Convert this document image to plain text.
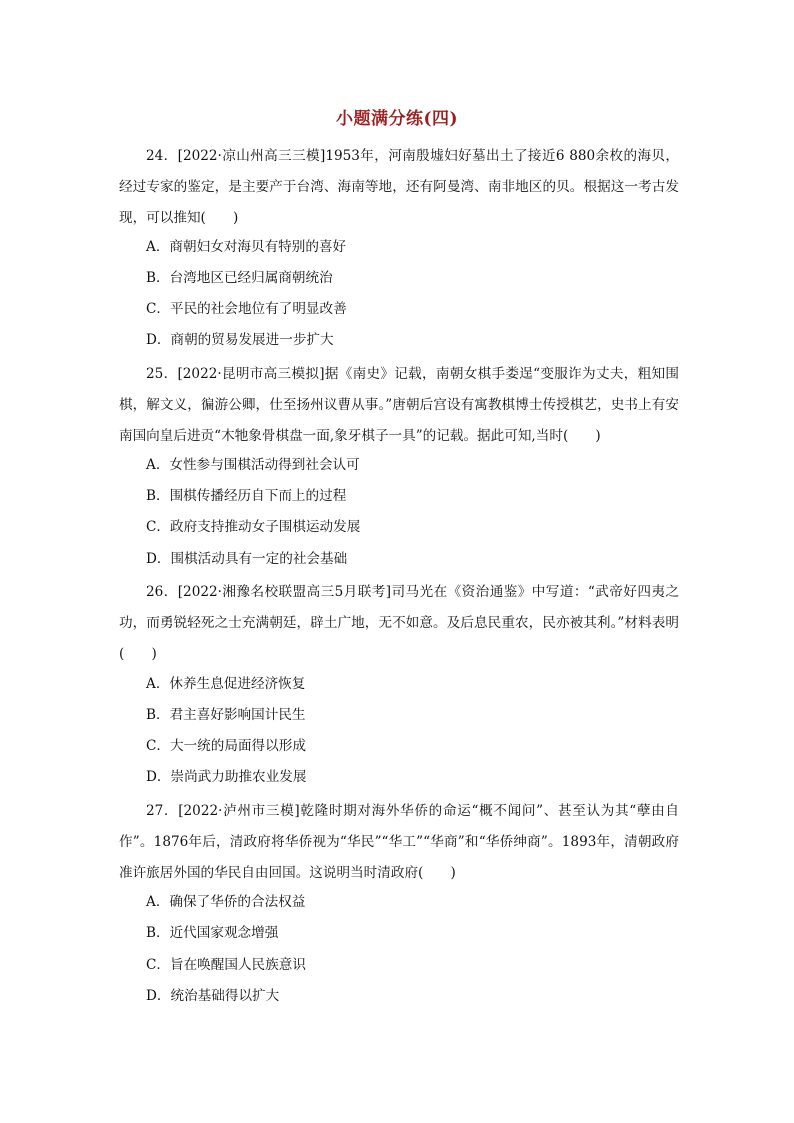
小题满分练(四)
24．[2022·凉山州高三三模]1953年，河南殷墟妇好墓出土了接近6 880余枚的海贝，经过专家的鉴定，是主要产于台湾、海南等地，还有阿曼湾、南非地区的贝。根据这一考古发现，可以推知(　　)
A．商朝妇女对海贝有特别的喜好
B．台湾地区已经归属商朝统治
C．平民的社会地位有了明显改善
D．商朝的贸易发展进一步扩大
25．[2022·昆明市高三模拟]据《南史》记载，南朝女棋手娄逞“变服诈为丈夫，粗知围棋，解文义，徧游公卿，仕至扬州议曹从事。”唐朝后宫设有寓教棋博士传授棋艺，史书上有安南国向皇后进贡“木牠象骨棋盘一面,象牙棋子一具”的记载。据此可知,当时(　　)
A．女性参与围棋活动得到社会认可
B．围棋传播经历自下而上的过程
C．政府支持推动女子围棋运动发展
D．围棋活动具有一定的社会基础
26．[2022·湘豫名校联盟高三5月联考]司马光在《资治通鉴》中写道：“武帝好四夷之功，而勇锐轻死之士充满朝廷，辟土广地，无不如意。及后息民重农，民亦被其利。”材料表明(　　)
A．休养生息促进经济恢复
B．君主喜好影响国计民生
C．大一统的局面得以形成
D．崇尚武力助推农业发展
27．[2022·泸州市三模]乾隆时期对海外华侨的命运“概不闻问”、甚至认为其“孽由自作”。1876年后，清政府将华侨视为“华民”“华工”“华商”和“华侨绅商”。1893年，清朝政府准许旅居外国的华民自由回国。这说明当时清政府(　　)
A．确保了华侨的合法权益
B．近代国家观念增强
C．旨在唤醒国人民族意识
D．统治基础得以扩大
